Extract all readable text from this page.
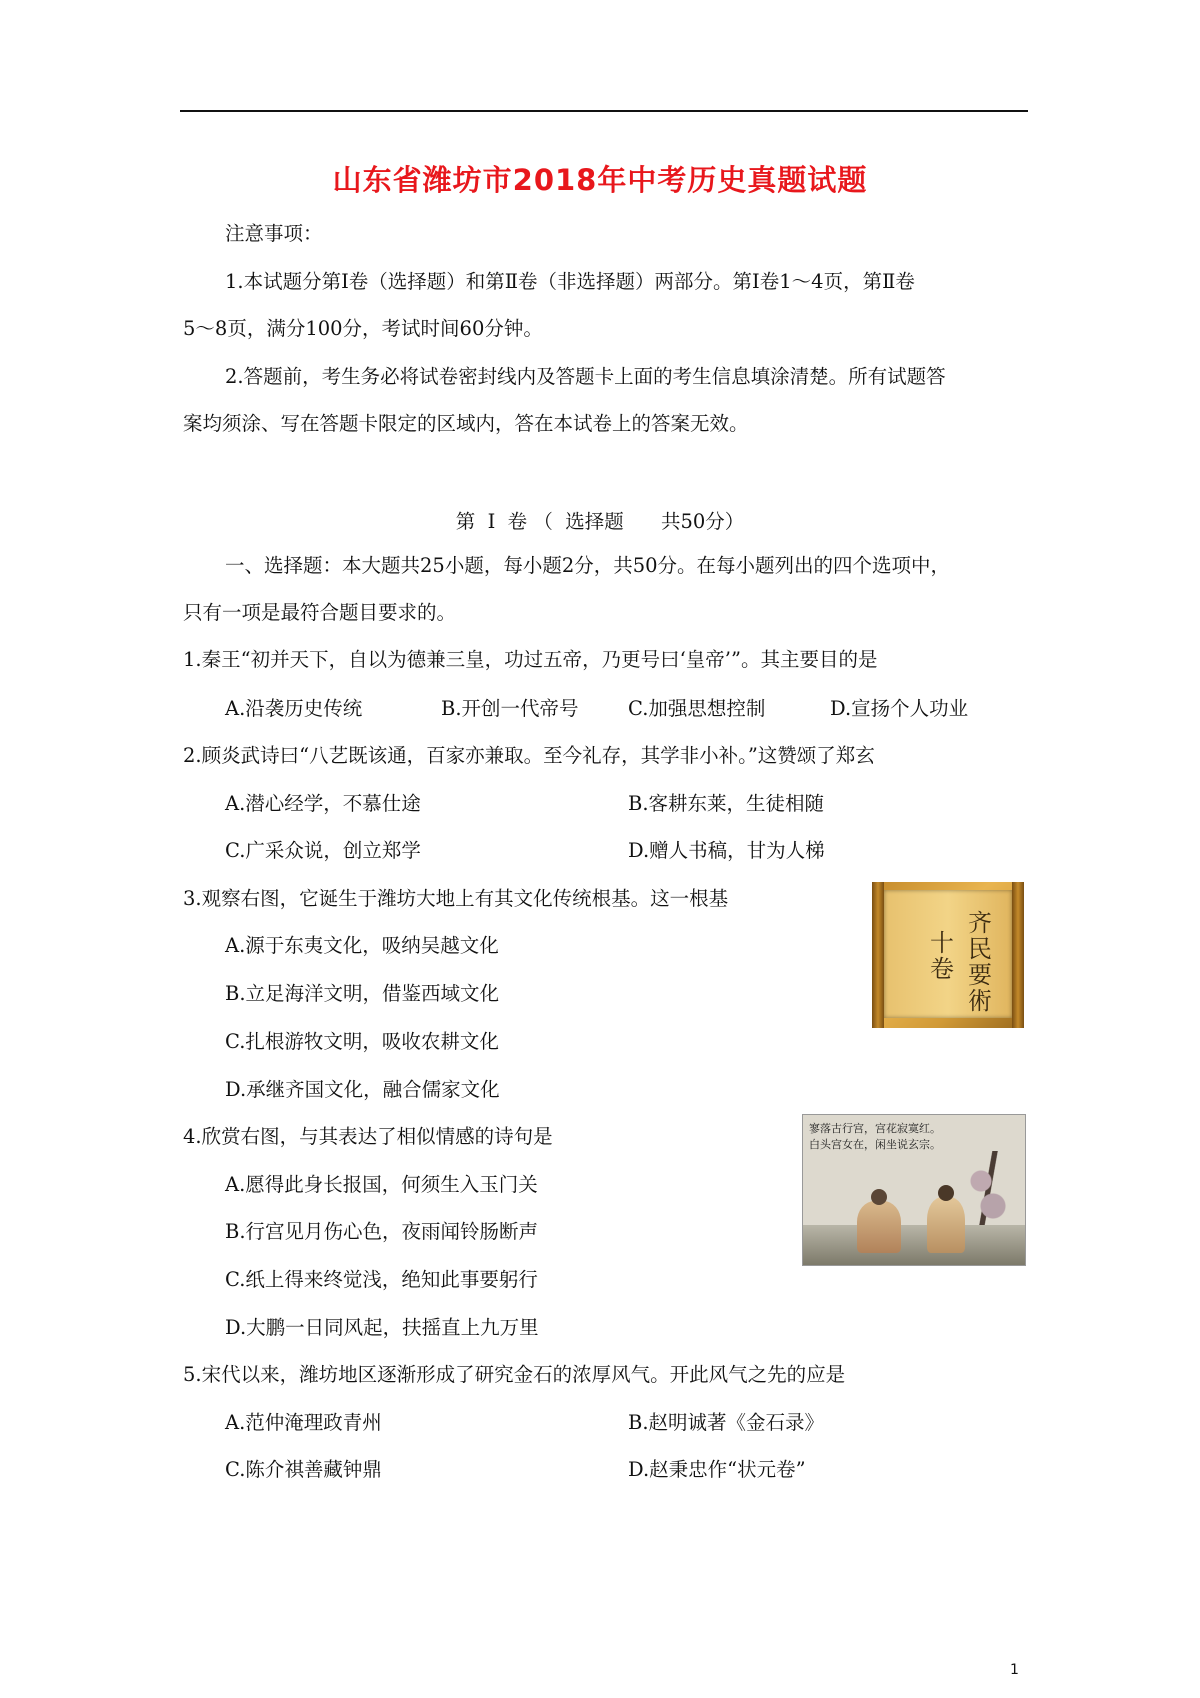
山东省潍坊市2018年中考历史真题试题
注意事项：
1.本试题分第Ⅰ卷（选择题）和第Ⅱ卷（非选择题）两部分。第Ⅰ卷1～4页，第Ⅱ卷
5～8页，满分100分，考试时间60分钟。
2.答题前，考生务必将试卷密封线内及答题卡上面的考生信息填涂清楚。所有试题答
案均须涂、写在答题卡限定的区域内，答在本试卷上的答案无效。
第  Ⅰ  卷 （  选择题      共50分）
一、选择题：本大题共25小题，每小题2分，共50分。在每小题列出的四个选项中，
只有一项是最符合题目要求的。
1.秦王“初并天下，自以为德兼三皇，功过五帝，乃更号曰‘皇帝’”。其主要目的是
A.沿袭历史传统	B.开创一代帝号	C.加强思想控制	D.宣扬个人功业
2.顾炎武诗曰“八艺既该通，百家亦兼取。至今礼存，其学非小补。”这赞颂了郑玄
A.潜心经学，不慕仕途	B.客耕东莱，生徒相随
C.广采众说，创立郑学	D.赠人书稿，甘为人梯
3.观察右图，它诞生于潍坊大地上有其文化传统根基。这一根基
A.源于东夷文化，吸纳吴越文化
B.立足海洋文明，借鉴西域文化
C.扎根游牧文明，吸收农耕文化
D.承继齐国文化，融合儒家文化
齐民要術
十卷
4.欣赏右图，与其表达了相似情感的诗句是
A.愿得此身长报国，何须生入玉门关
B.行宫见月伤心色，夜雨闻铃肠断声
C.纸上得来终觉浅，绝知此事要躬行
D.大鹏一日同风起，扶摇直上九万里
寥落古行宫，宫花寂寞红。
白头宫女在，闲坐说玄宗。
5.宋代以来，潍坊地区逐渐形成了研究金石的浓厚风气。开此风气之先的应是
A.范仲淹理政青州	B.赵明诚著《金石录》
C.陈介祺善藏钟鼎	D.赵秉忠作“状元卷”
1
